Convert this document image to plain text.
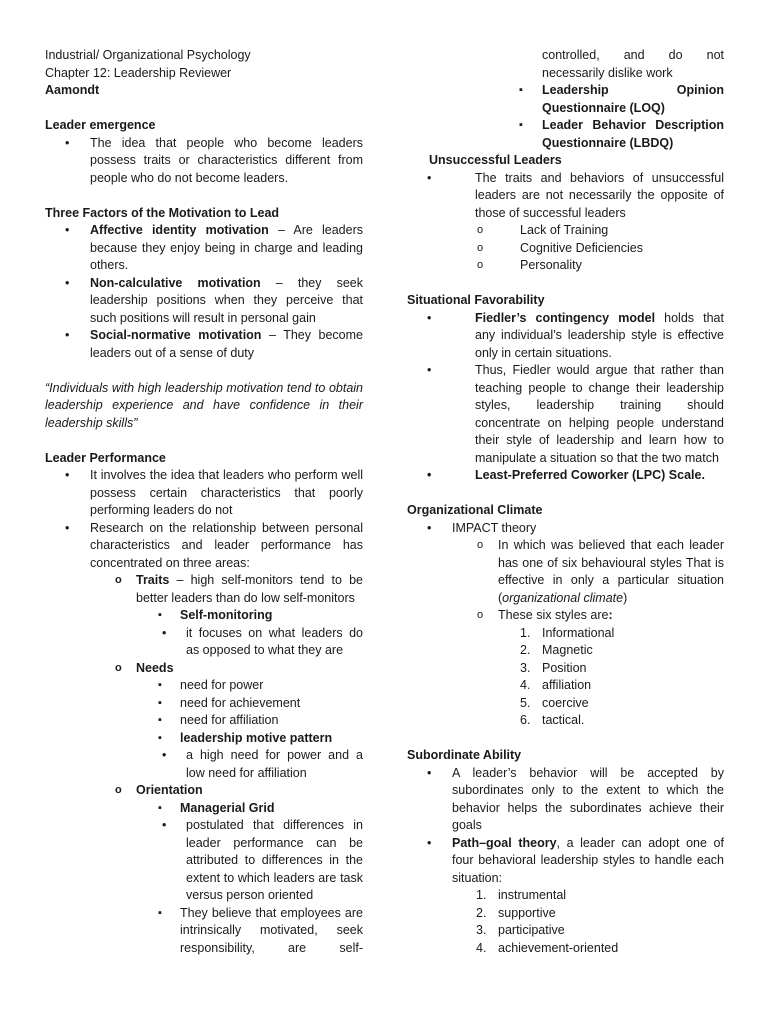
Industrial/ Organizational Psychology

Chapter 12: Leadership Reviewer

Aamondt

Leader emergence

• The idea that people who become leaders possess traits or characteristics different from people who do not become leaders.

Three Factors of the Motivation to Lead

• Affective identity motivation – Are leaders because they enjoy being in charge and leading others.
• Non-calculative motivation – they seek leadership positions when they perceive that such positions will result in personal gain
• Social-normative motivation – They become leaders out of a sense of duty

“Individuals with high leadership motivation tend to obtain leadership experience and have confidence in their leadership skills”

Leader Performance

• It involves the idea that leaders who perform well possess certain characteristics that poorly performing leaders do not
• Research on the relationship between personal characteristics and leader performance has concentrated on three areas:
o Traits – high self-monitors tend to be better leaders than do low self-monitors
▪ Self-monitoring
• it focuses on what leaders do as opposed to what they are
o Needs
▪ need for power
▪ need for achievement
▪ need for affiliation
▪ leadership motive pattern
• a high need for power and a low need for affiliation
o Orientation
▪ Managerial Grid
• postulated that differences in leader performance can be attributed to differences in the extent to which leaders are task versus person oriented
▪ They believe that employees are intrinsically motivated, seek responsibility, are self-
controlled, and do not necessarily dislike work
▪ Leadership Opinion Questionnaire (LOQ)
▪ Leader Behavior Description Questionnaire (LBDQ)

Unsuccessful Leaders

• The traits and behaviors of unsuccessful leaders are not necessarily the opposite of those of successful leaders
o Lack of Training
o Cognitive Deficiencies
o Personality

Situational Favorability

• Fiedler’s contingency model holds that any individual’s leadership style is effective only in certain situations.
• Thus, Fiedler would argue that rather than teaching people to change their leadership styles, leadership training should concentrate on helping people understand their style of leadership and learn how to manipulate a situation so that the two match
• Least-Preferred Coworker (LPC) Scale.

Organizational Climate

• IMPACT theory
o In which was believed that each leader has one of six behavioural styles That is effective in only a particular situation (organizational climate)
o These six styles are:
1. Informational
2. Magnetic
3. Position
4. affiliation
5. coercive
6. tactical.

Subordinate Ability

• A leader’s behavior will be accepted by subordinates only to the extent to which the behavior helps the subordinates achieve their goals
• Path–goal theory, a leader can adopt one of four behavioral leadership styles to handle each situation:
1. instrumental
2. supportive
3. participative
4. achievement-oriented
